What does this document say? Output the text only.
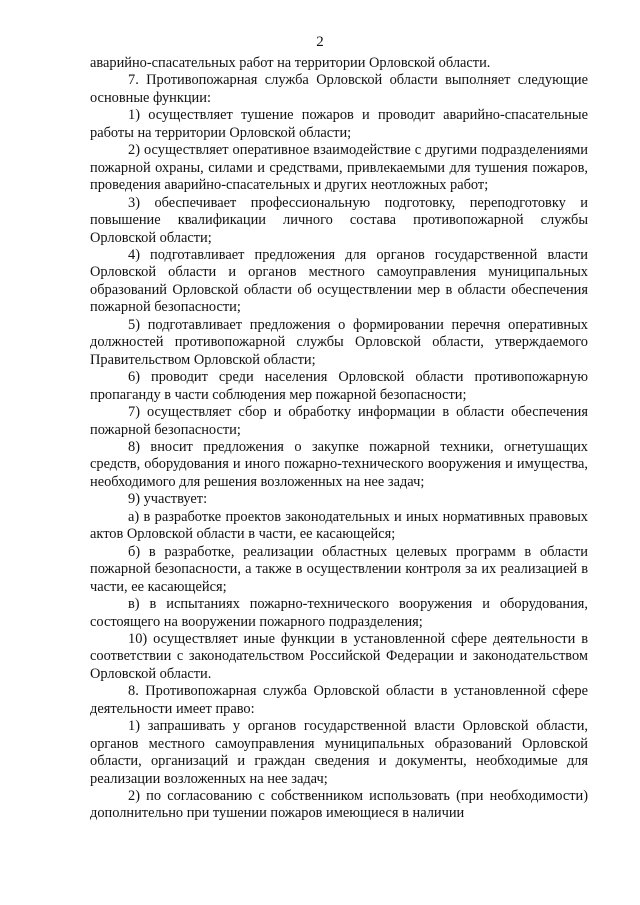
2

аварийно-спасательных работ на территории Орловской области.

7. Противопожарная служба Орловской области выполняет следующие основные функции:

1) осуществляет тушение пожаров и проводит аварийно-спасательные работы на территории Орловской области;

2) осуществляет оперативное взаимодействие с другими подразделениями пожарной охраны, силами и средствами, привлекаемыми для тушения пожаров, проведения аварийно-спасательных и других неотложных работ;

3) обеспечивает профессиональную подготовку, переподготовку и повышение квалификации личного состава противопожарной службы Орловской области;

4) подготавливает предложения для органов государственной власти Орловской области и органов местного самоуправления муниципальных образований Орловской области об осуществлении мер в области обеспечения пожарной безопасности;

5) подготавливает предложения о формировании перечня оперативных должностей противопожарной службы Орловской области, утверждаемого Правительством Орловской области;

6) проводит среди населения Орловской области противопожарную пропаганду в части соблюдения мер пожарной безопасности;

7) осуществляет сбор и обработку информации в области обеспечения пожарной безопасности;

8) вносит предложения о закупке пожарной техники, огнетушащих средств, оборудования и иного пожарно-технического вооружения и имущества, необходимого для решения возложенных на нее задач;

9) участвует:

а) в разработке проектов законодательных и иных нормативных правовых актов Орловской области в части, ее касающейся;

б) в разработке, реализации областных целевых программ в области пожарной безопасности, а также в осуществлении контроля за их реализацией в части, ее касающейся;

в) в испытаниях пожарно-технического вооружения и оборудования, состоящего на вооружении пожарного подразделения;

10) осуществляет иные функции в установленной сфере деятельности в соответствии с законодательством Российской Федерации и законодательством Орловской области.

8. Противопожарная служба Орловской области в установленной сфере деятельности имеет право:

1) запрашивать у органов государственной власти Орловской области, органов местного самоуправления муниципальных образований Орловской области, организаций и граждан сведения и документы, необходимые для реализации возложенных на нее задач;

2) по согласованию с собственником использовать (при необходимости) дополнительно при тушении пожаров имеющиеся в наличии
